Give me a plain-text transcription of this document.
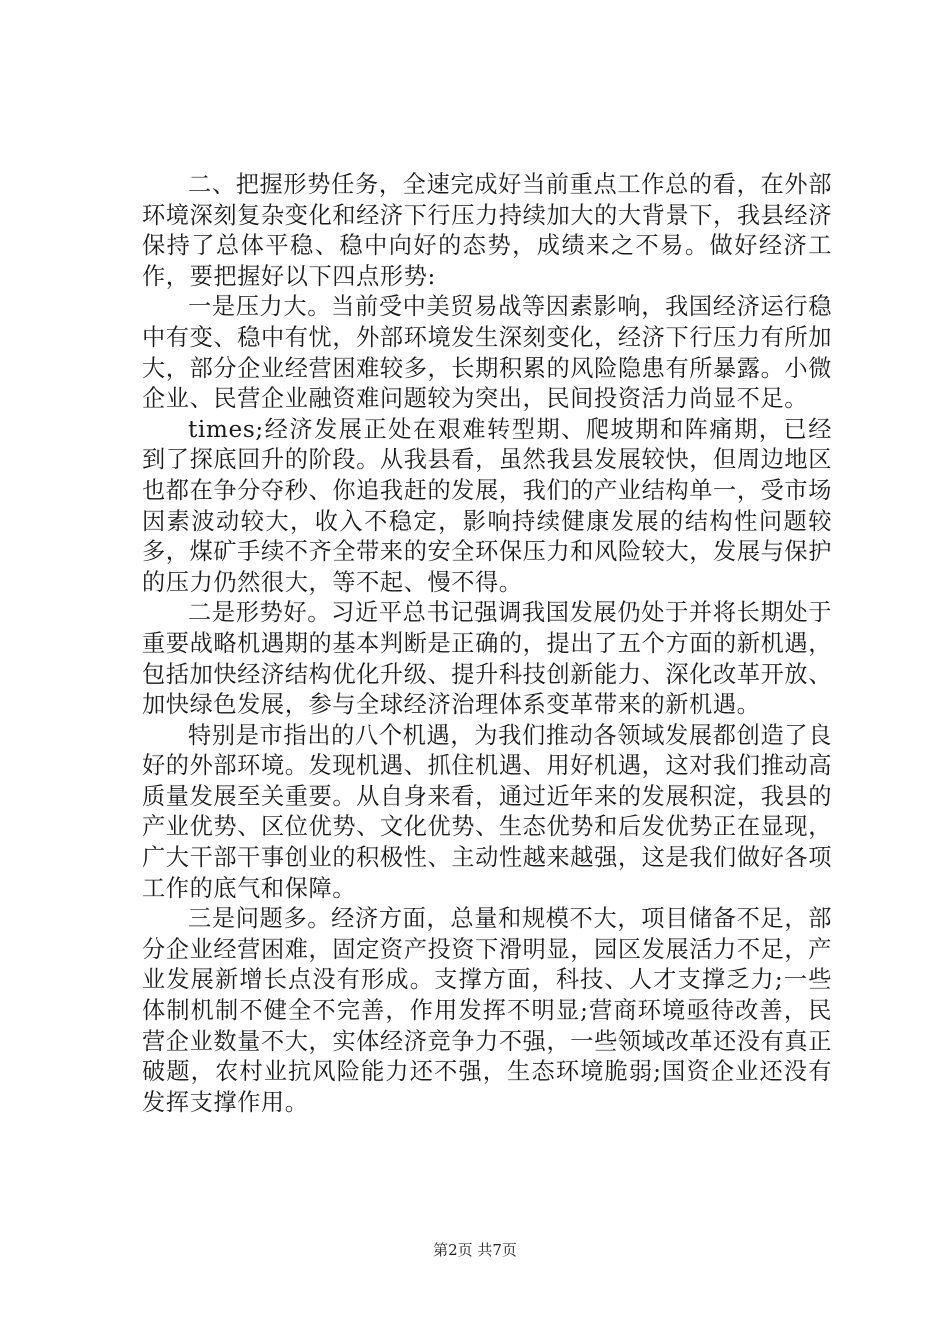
二、把握形势任务，全速完成好当前重点工作总的看，在外部环境深刻复杂变化和经济下行压力持续加大的大背景下，我县经济保持了总体平稳、稳中向好的态势，成绩来之不易。做好经济工作，要把握好以下四点形势:

一是压力大。当前受中美贸易战等因素影响，我国经济运行稳中有变、稳中有忧，外部环境发生深刻变化，经济下行压力有所加大，部分企业经营困难较多，长期积累的风险隐患有所暴露。小微企业、民营企业融资难问题较为突出，民间投资活力尚显不足。

times;经济发展正处在艰难转型期、爬坡期和阵痛期，已经到了探底回升的阶段。从我县看，虽然我县发展较快，但周边地区也都在争分夺秒、你追我赶的发展，我们的产业结构单一，受市场因素波动较大，收入不稳定，影响持续健康发展的结构性问题较多，煤矿手续不齐全带来的安全环保压力和风险较大，发展与保护的压力仍然很大，等不起、慢不得。

二是形势好。习近平总书记强调我国发展仍处于并将长期处于重要战略机遇期的基本判断是正确的，提出了五个方面的新机遇，包括加快经济结构优化升级、提升科技创新能力、深化改革开放、加快绿色发展，参与全球经济治理体系变革带来的新机遇。

特别是市指出的八个机遇，为我们推动各领域发展都创造了良好的外部环境。发现机遇、抓住机遇、用好机遇，这对我们推动高质量发展至关重要。从自身来看，通过近年来的发展积淀，我县的产业优势、区位优势、文化优势、生态优势和后发优势正在显现，广大干部干事创业的积极性、主动性越来越强，这是我们做好各项工作的底气和保障。

三是问题多。经济方面，总量和规模不大，项目储备不足，部分企业经营困难，固定资产投资下滑明显，园区发展活力不足，产业发展新增长点没有形成。支撑方面，科技、人才支撑乏力;一些体制机制不健全不完善，作用发挥不明显;营商环境亟待改善，民营企业数量不大，实体经济竞争力不强，一些领域改革还没有真正破题，农村业抗风险能力还不强，生态环境脆弱;国资企业还没有发挥支撑作用。

第2页 共7页
